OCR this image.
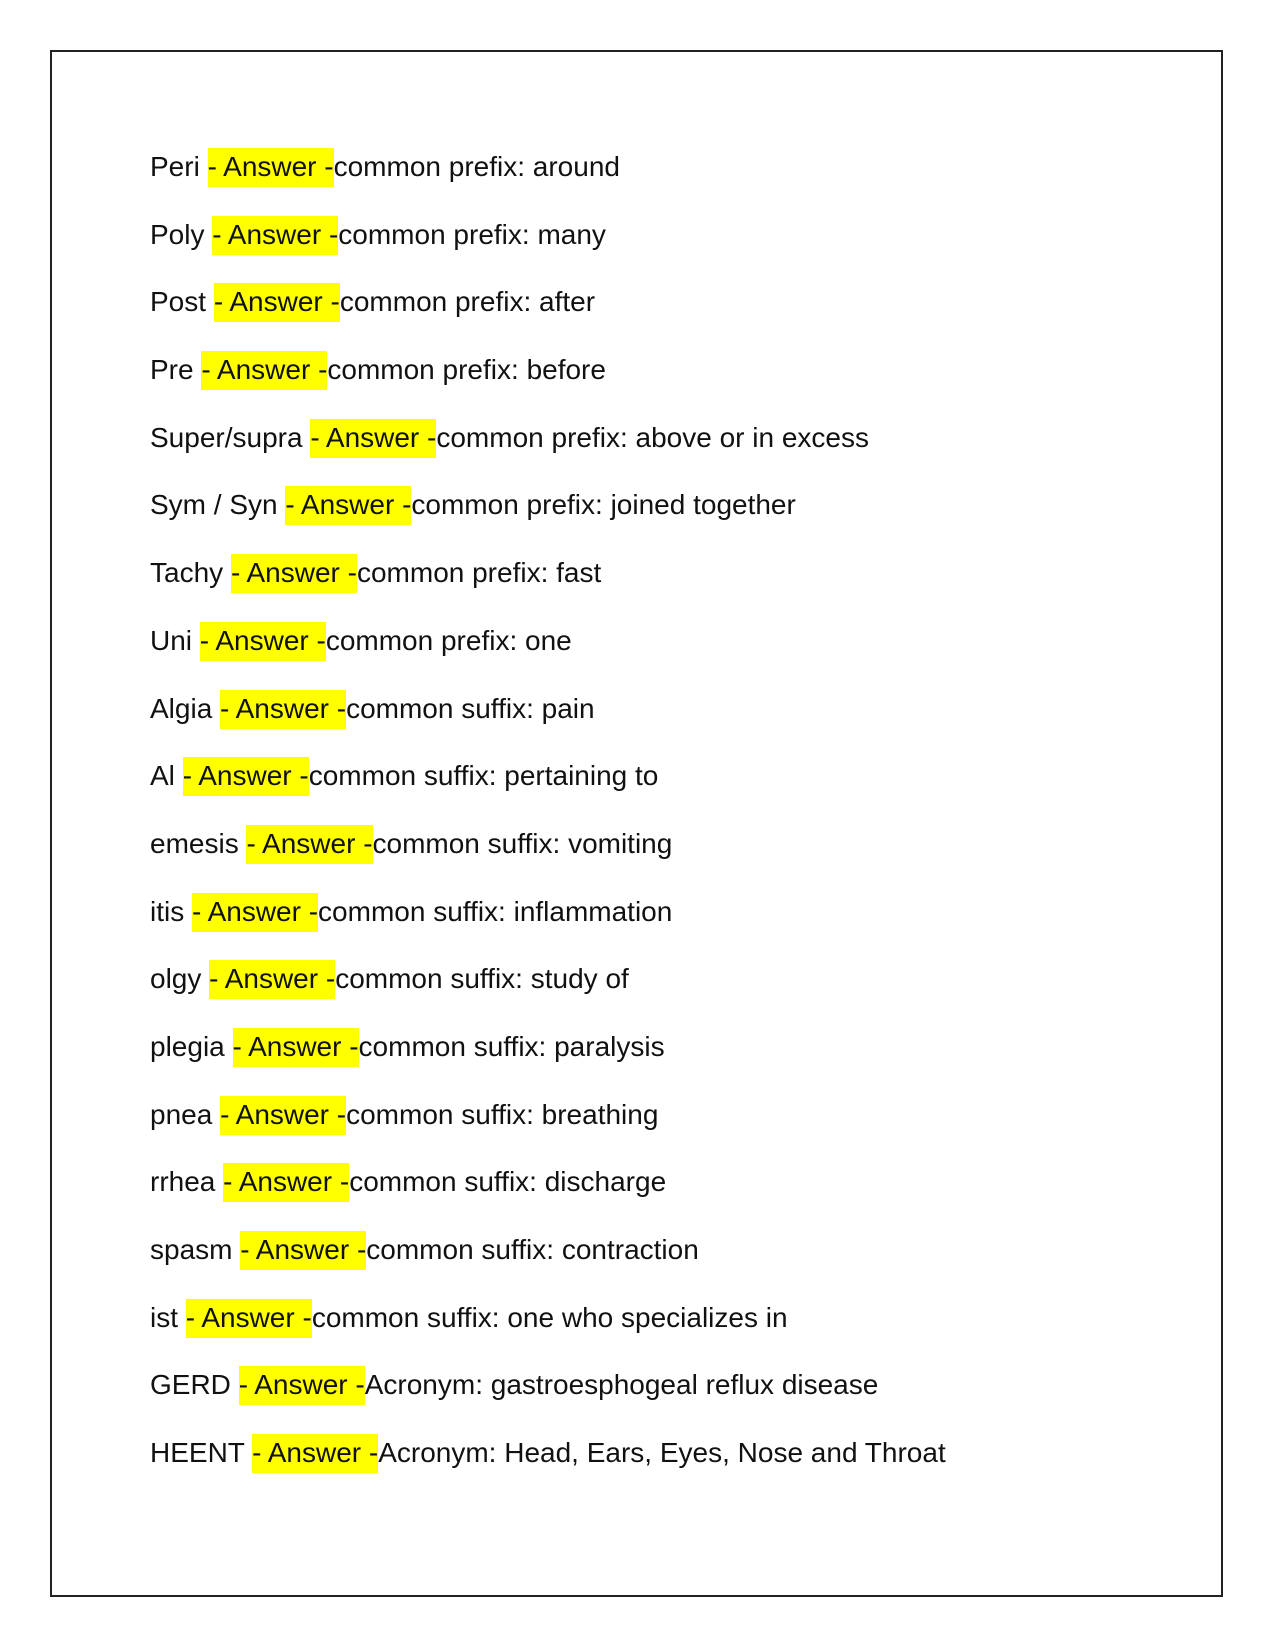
Peri - Answer -common prefix: around
Poly - Answer -common prefix: many
Post - Answer -common prefix: after
Pre - Answer -common prefix: before
Super/supra - Answer -common prefix: above or in excess
Sym / Syn - Answer -common prefix: joined together
Tachy - Answer -common prefix: fast
Uni - Answer -common prefix: one
Algia - Answer -common suffix: pain
Al - Answer -common suffix: pertaining to
emesis - Answer -common suffix: vomiting
itis - Answer -common suffix: inflammation
olgy - Answer -common suffix: study of
plegia - Answer -common suffix: paralysis
pnea - Answer -common suffix: breathing
rrhea - Answer -common suffix: discharge
spasm - Answer -common suffix: contraction
ist - Answer -common suffix: one who specializes in
GERD - Answer -Acronym: gastroesphogeal reflux disease
HEENT - Answer -Acronym: Head, Ears, Eyes, Nose and Throat
